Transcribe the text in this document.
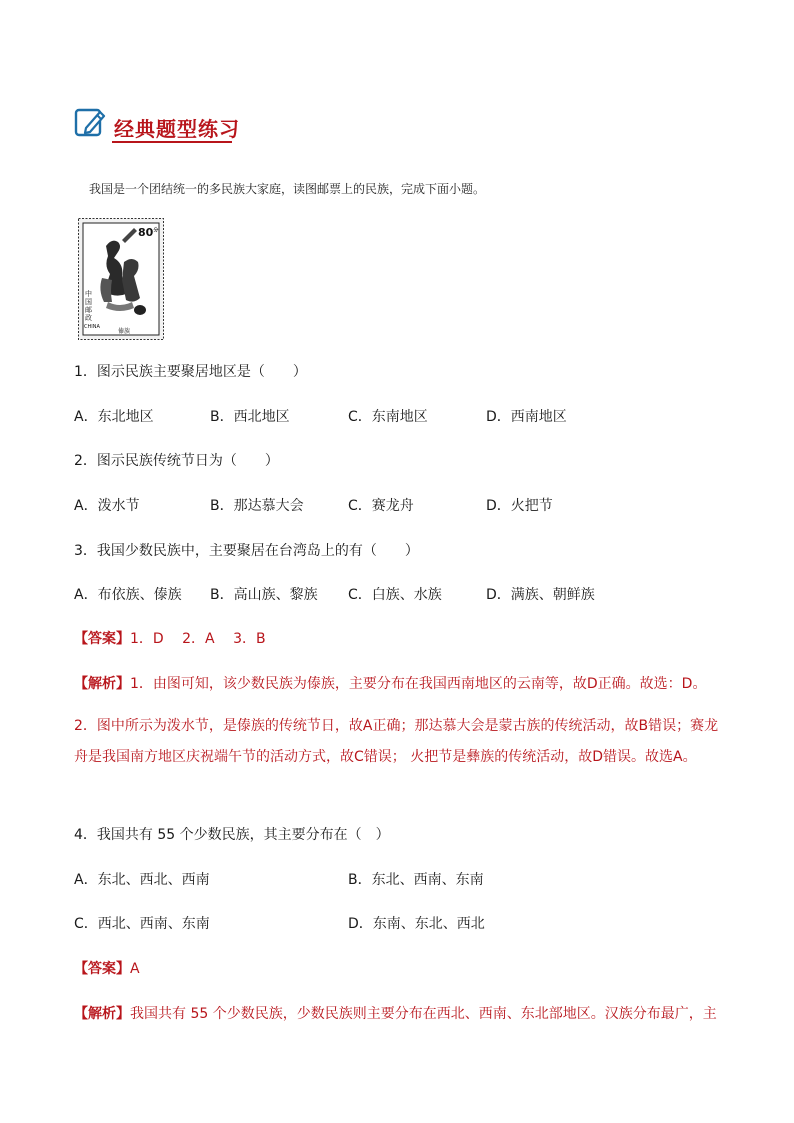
经典题型练习
我国是一个团结统一的多民族大家庭，读图邮票上的民族，完成下面小题。
$80^分$
中国邮政
CHINA
傣族
1．图示民族主要聚居地区是（　　）
A．东北地区	B．西北地区	C．东南地区	D．西南地区
2．图示民族传统节日为（　　）
A．泼水节	B．那达慕大会	C．赛龙舟	D．火把节
3．我国少数民族中，主要聚居在台湾岛上的有（　　）
A．布依族、傣族 B．高山族、黎族 C．白族、水族	D．满族、朝鲜族
【答案】1．D　 2．A　 3．B
【解析】1．由图可知，该少数民族为傣族，主要分布在我国西南地区的云南等，故D正确。故选：D。
2．图中所示为泼水节，是傣族的传统节日，故A正确；那达慕大会是蒙古族的传统活动，故B错误；赛龙舟是我国南方地区庆祝端午节的活动方式，故C错误； 火把节是彝族的传统活动，故D错误。故选A。
4．我国共有 55 个少数民族，其主要分布在（　）
A．东北、西北、西南	B．东北、西南、东南
C．西北、西南、东南	D．东南、东北、西北
【答案】A
【解析】我国共有 55 个少数民族，少数民族则主要分布在西北、西南、东北部地区。汉族分布最广，主
